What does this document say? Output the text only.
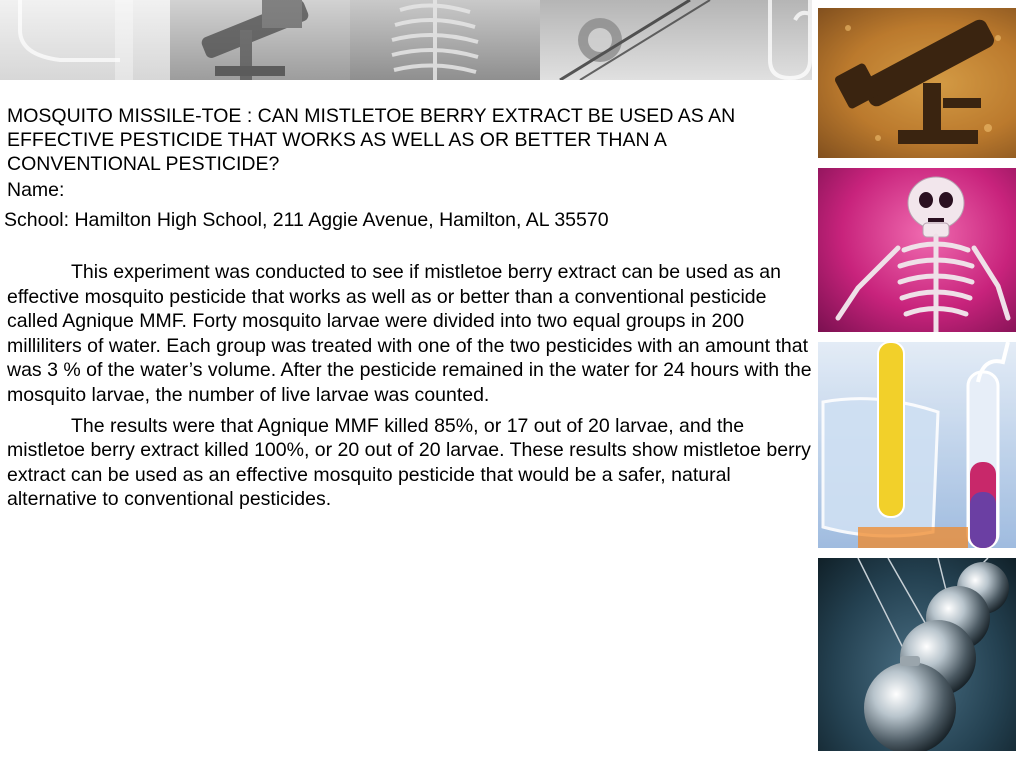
MOSQUITO MISSILE-TOE : CAN MISTLETOE BERRY EXTRACT BE USED AS AN EFFECTIVE PESTICIDE THAT WORKS AS WELL AS OR BETTER THAN A CONVENTIONAL PESTICIDE?
Name:
School: Hamilton High School, 211 Aggie Avenue, Hamilton, AL 35570

This experiment was conducted to see if mistletoe berry extract can be used as an effective mosquito pesticide that works as well as or better than a conventional pesticide called Agnique MMF. Forty mosquito larvae were divided into two equal groups in 200 milliliters of water. Each group was treated with one of the two pesticides with an amount that was 3 % of the water’s volume. After the pesticide remained in the water for 24 hours with the mosquito larvae, the number of live larvae was counted.

The results were that Agnique MMF killed 85%, or 17 out of 20 larvae, and the mistletoe berry extract killed 100%, or 20 out of 20 larvae. These results show mistletoe berry extract can be used as an effective mosquito pesticide that would be a safer, natural alternative to conventional pesticides.
